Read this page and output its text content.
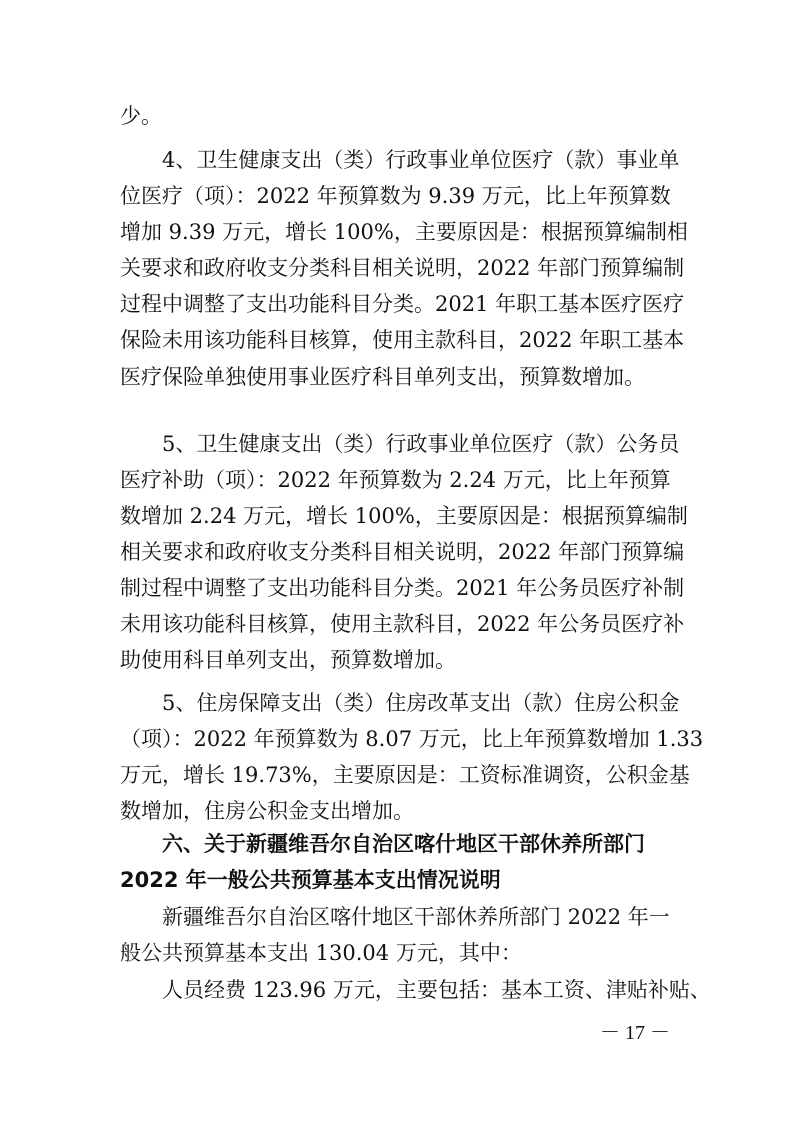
少。
4、卫生健康支出（类）行政事业单位医疗（款）事业单
位医疗（项）：2022 年预算数为 9.39 万元，比上年预算数
增加 9.39 万元，增长 100%，主要原因是：根据预算编制相
关要求和政府收支分类科目相关说明，2022 年部门预算编制
过程中调整了支出功能科目分类。2021 年职工基本医疗医疗
保险未用该功能科目核算，使用主款科目，2022 年职工基本
医疗保险单独使用事业医疗科目单列支出，预算数增加。
5、卫生健康支出（类）行政事业单位医疗（款）公务员
医疗补助（项）：2022 年预算数为 2.24 万元，比上年预算
数增加 2.24 万元，增长 100%，主要原因是：根据预算编制
相关要求和政府收支分类科目相关说明，2022 年部门预算编
制过程中调整了支出功能科目分类。2021 年公务员医疗补制
未用该功能科目核算，使用主款科目，2022 年公务员医疗补
助使用科目单列支出，预算数增加。
5、住房保障支出（类）住房改革支出（款）住房公积金
（项）：2022 年预算数为 8.07 万元，比上年预算数增加 1.33
万元，增长 19.73%，主要原因是：工资标准调资，公积金基
数增加，住房公积金支出增加。
六、关于新疆维吾尔自治区喀什地区干部休养所部门
2022 年一般公共预算基本支出情况说明
新疆维吾尔自治区喀什地区干部休养所部门 2022 年一
般公共预算基本支出 130.04 万元，其中：
人员经费 123.96 万元，主要包括：基本工资、津贴补贴、
－ 17 －
